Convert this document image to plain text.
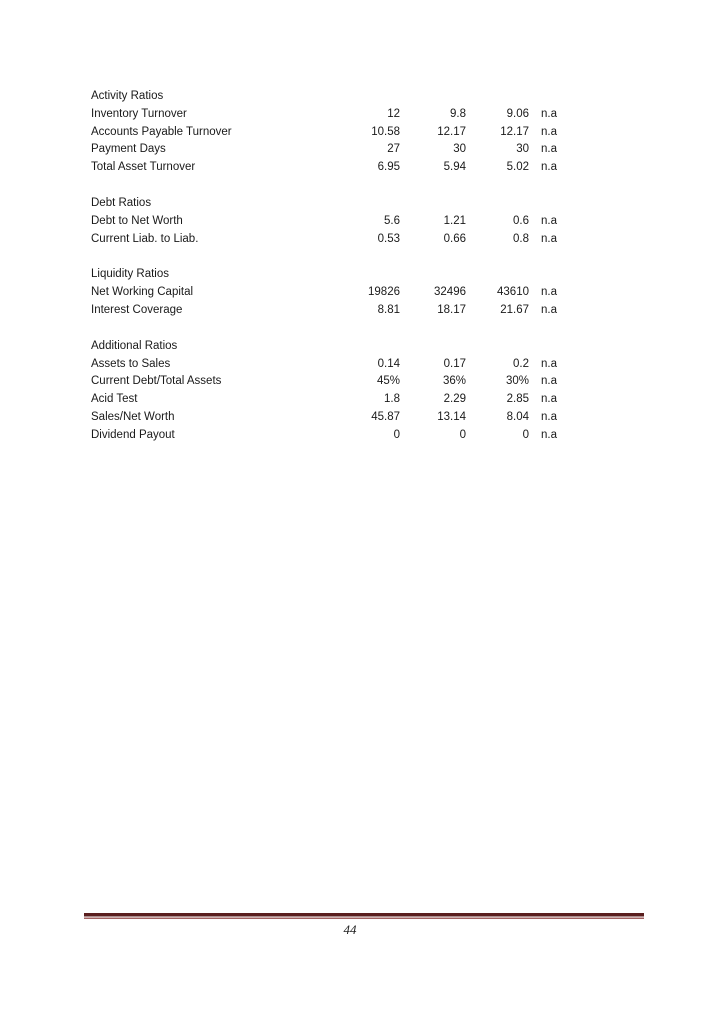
Activity Ratios
Inventory Turnover	12	9.8	9.06 n.a
Accounts Payable Turnover	10.58	12.17	12.17 n.a
Payment Days	27	30	30 n.a
Total Asset Turnover	6.95	5.94	5.02 n.a
Debt Ratios
Debt to Net Worth	5.6	1.21	0.6 n.a
Current Liab. to Liab.	0.53	0.66	0.8 n.a
Liquidity Ratios
Net Working Capital	19826	32496	43610 n.a
Interest Coverage	8.81	18.17	21.67 n.a
Additional Ratios
Assets to Sales	0.14	0.17	0.2 n.a
Current Debt/Total Assets	45%	36%	30% n.a
Acid Test	1.8	2.29	2.85 n.a
Sales/Net Worth	45.87	13.14	8.04 n.a
Dividend Payout	0	0	0 n.a
44
